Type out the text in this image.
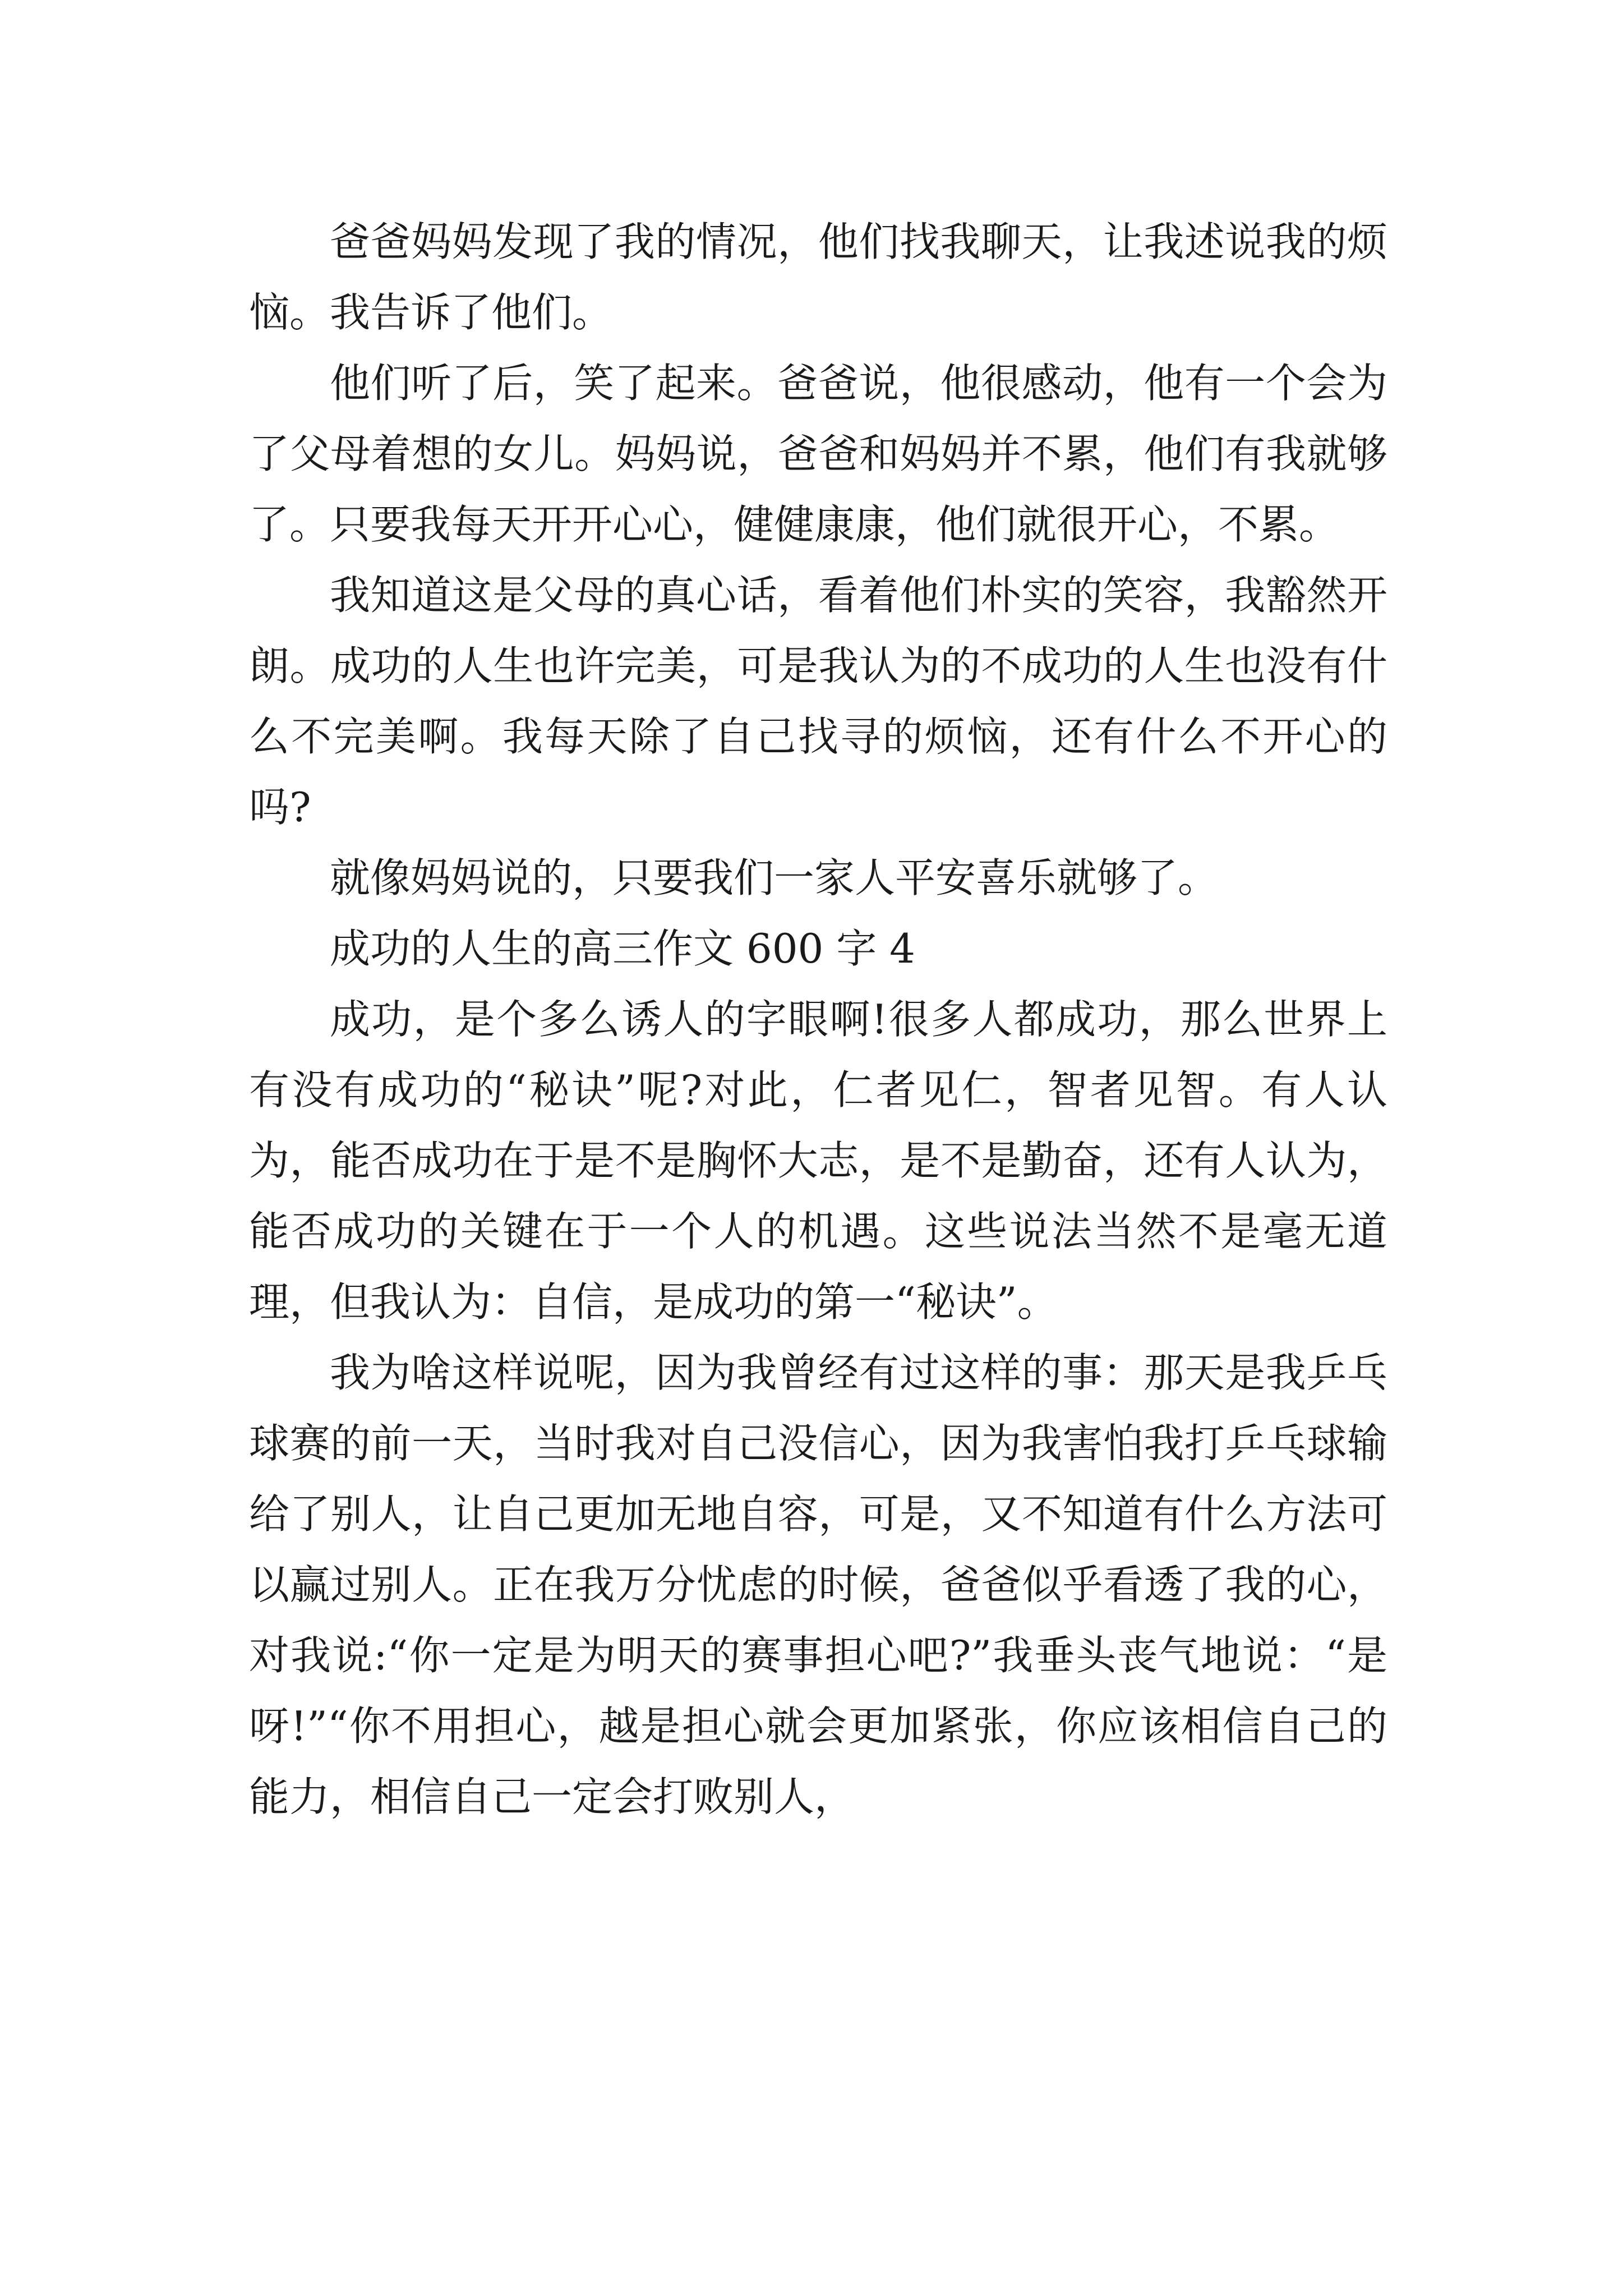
爸爸妈妈发现了我的情况，他们找我聊天，让我述说我的烦恼。我告诉了他们。

他们听了后，笑了起来。爸爸说，他很感动，他有一个会为了父母着想的女儿。妈妈说，爸爸和妈妈并不累，他们有我就够了。只要我每天开开心心，健健康康，他们就很开心，不累。

我知道这是父母的真心话，看着他们朴实的笑容，我豁然开朗。成功的人生也许完美，可是我认为的不成功的人生也没有什么不完美啊。我每天除了自己找寻的烦恼，还有什么不开心的吗?

就像妈妈说的，只要我们一家人平安喜乐就够了。

成功的人生的高三作文 600 字 4

成功，是个多么诱人的字眼啊!很多人都成功，那么世界上有没有成功的“秘诀”呢?对此，仁者见仁，智者见智。有人认为，能否成功在于是不是胸怀大志，是不是勤奋，还有人认为，能否成功的关键在于一个人的机遇。这些说法当然不是毫无道理，但我认为：自信，是成功的第一“秘诀”。

我为啥这样说呢，因为我曾经有过这样的事：那天是我乒乓球赛的前一天，当时我对自己没信心，因为我害怕我打乒乓球输给了别人，让自己更加无地自容，可是，又不知道有什么方法可以赢过别人。正在我万分忧虑的时候，爸爸似乎看透了我的心，对我说:“你一定是为明天的赛事担心吧?”我垂头丧气地说：“是呀!”“你不用担心，越是担心就会更加紧张，你应该相信自己的能力，相信自己一定会打败别人，
